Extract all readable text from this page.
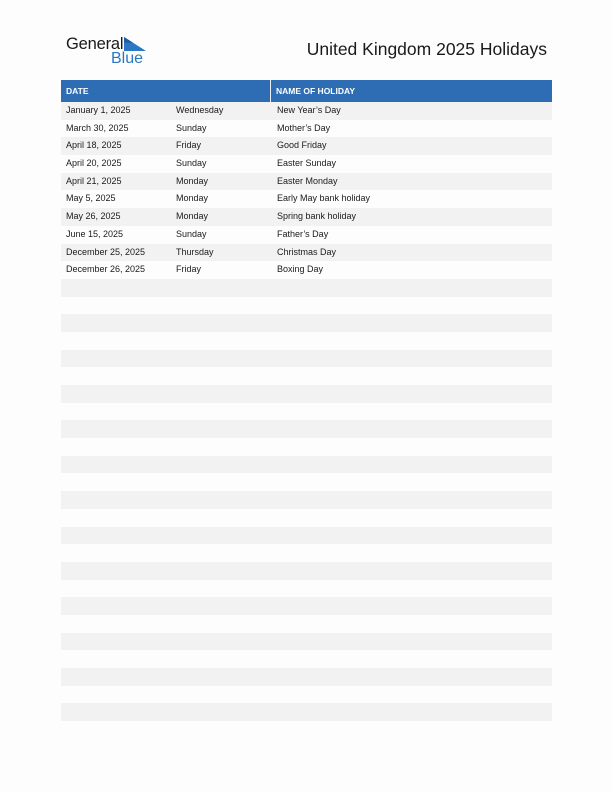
General
Blue	United Kingdom 2025 Holidays
DATE	NAME OF HOLIDAY
January 1, 2025	Wednesday	New Year’s Day
March 30, 2025	Sunday	Mother’s Day
April 18, 2025	Friday	Good Friday
April 20, 2025	Sunday	Easter Sunday
April 21, 2025	Monday	Easter Monday
May 5, 2025	Monday	Early May bank holiday
May 26, 2025	Monday	Spring bank holiday
June 15, 2025	Sunday	Father’s Day
December 25, 2025	Thursday	Christmas Day
December 26, 2025	Friday	Boxing Day
